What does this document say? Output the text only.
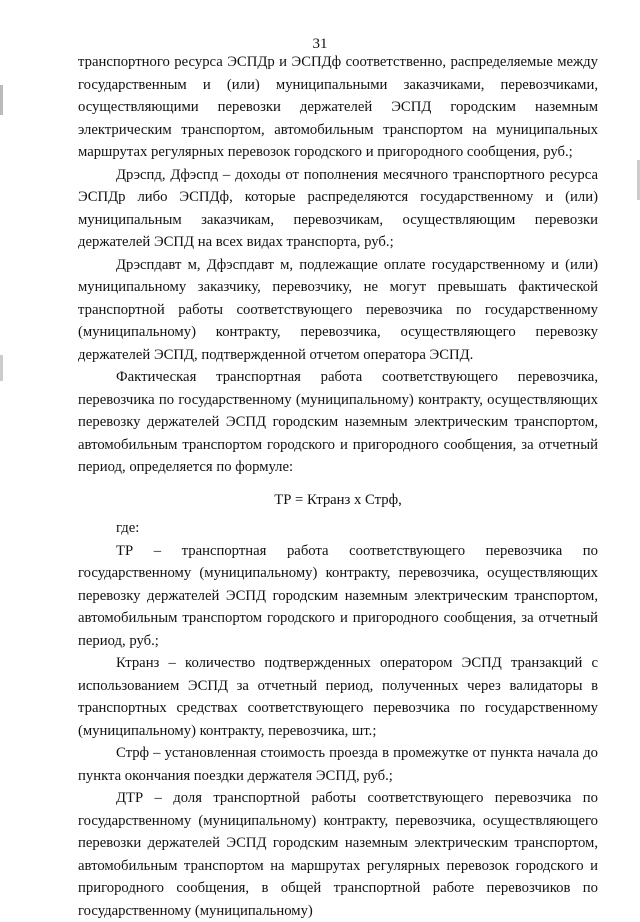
31

транспортного ресурса ЭСПДр и ЭСПДф соответственно, распределяемые между государственным и (или) муниципальными заказчиками, перевозчиками, осуществляющими перевозки держателей ЭСПД городским наземным электрическим транспортом, автомобильным транспортом на муниципальных маршрутах регулярных перевозок городского и пригородного сообщения, руб.;

Дрэспд, Дфэспд – доходы от пополнения месячного транспортного ресурса ЭСПДр либо ЭСПДф, которые распределяются государственному и (или) муниципальным заказчикам, перевозчикам, осуществляющим перевозки держателей ЭСПД на всех видах транспорта, руб.;

Дрэспдавт м, Дфэспдавт м, подлежащие оплате государственному и (или) муниципальному заказчику, перевозчику, не могут превышать фактической транспортной работы соответствующего перевозчика по государственному (муниципальному) контракту, перевозчика, осуществляющего перевозку держателей ЭСПД, подтвержденной отчетом оператора ЭСПД.

Фактическая транспортная работа соответствующего перевозчика, перевозчика по государственному (муниципальному) контракту, осуществляющих перевозку держателей ЭСПД городским наземным электрическим транспортом, автомобильным транспортом городского и пригородного сообщения, за отчетный период, определяется по формуле:

ТР = Ктранз х Стрф,

где:

ТР – транспортная работа соответствующего перевозчика по государственному (муниципальному) контракту, перевозчика, осуществляющих перевозку держателей ЭСПД городским наземным электрическим транспортом, автомобильным транспортом городского и пригородного сообщения, за отчетный период, руб.;

Ктранз – количество подтвержденных оператором ЭСПД транзакций с использованием ЭСПД за отчетный период, полученных через валидаторы в транспортных средствах соответствующего перевозчика по государственному (муниципальному) контракту, перевозчика, шт.;

Стрф – установленная стоимость проезда в промежутке от пункта начала до пункта окончания поездки держателя ЭСПД, руб.;

ДТР – доля транспортной работы соответствующего перевозчика по государственному (муниципальному) контракту, перевозчика, осуществляющего перевозки держателей ЭСПД городским наземным электрическим транспортом, автомобильным транспортом на маршрутах регулярных перевозок городского и пригородного сообщения, в общей транспортной работе перевозчиков по государственному (муниципальному)
